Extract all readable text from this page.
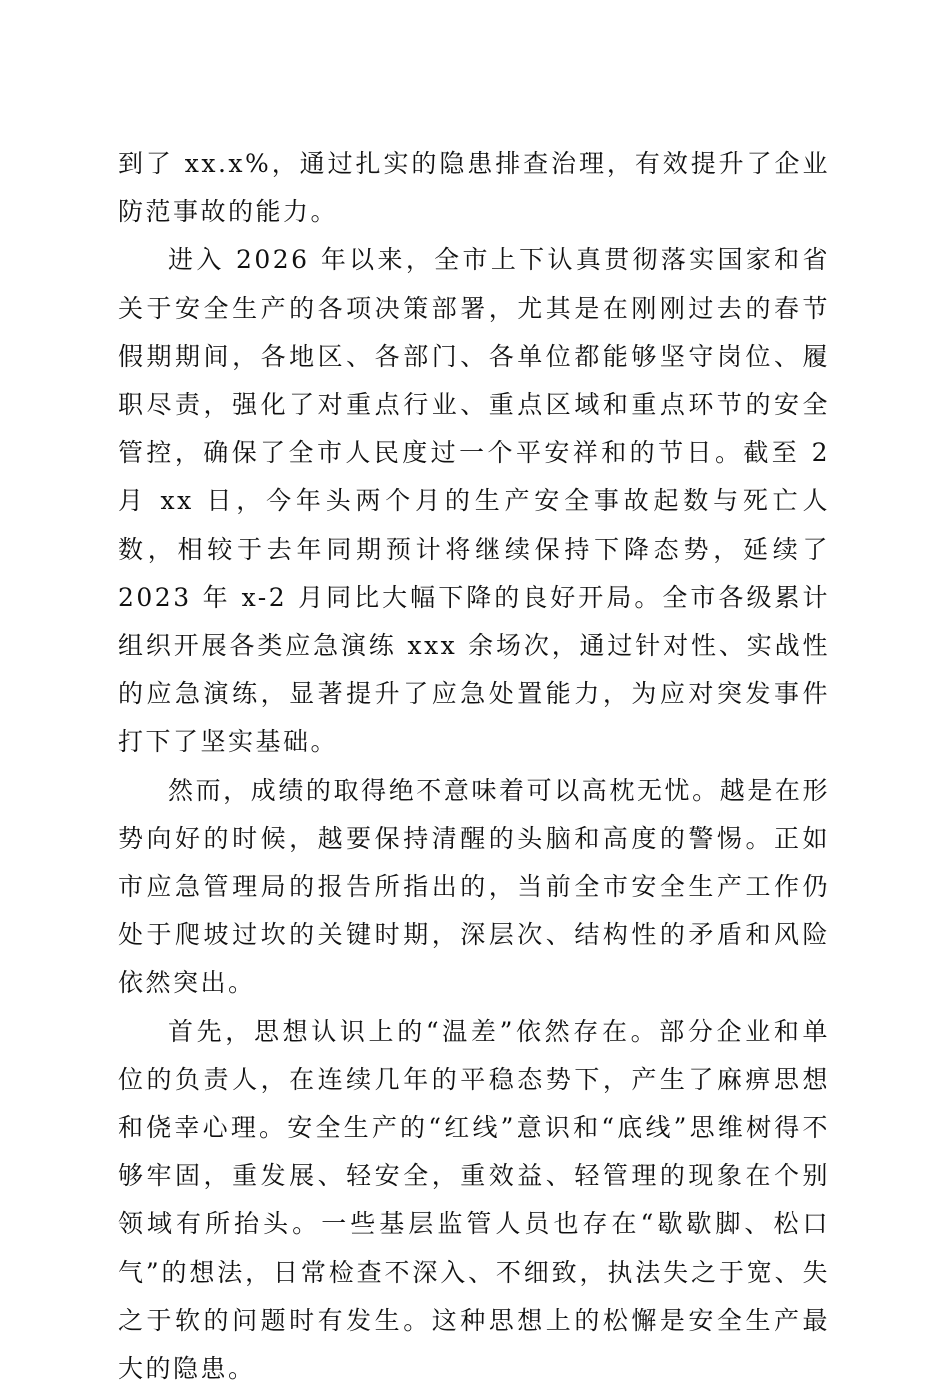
到了 xx.x%，通过扎实的隐患排查治理，有效提升了企业防范事故的能力。

进入 2026 年以来，全市上下认真贯彻落实国家和省关于安全生产的各项决策部署，尤其是在刚刚过去的春节假期期间，各地区、各部门、各单位都能够坚守岗位、履职尽责，强化了对重点行业、重点区域和重点环节的安全管控，确保了全市人民度过一个平安祥和的节日。截至 2 月 xx 日，今年头两个月的生产安全事故起数与死亡人数，相较于去年同期预计将继续保持下降态势，延续了 2023 年 x-2 月同比大幅下降的良好开局。全市各级累计组织开展各类应急演练 xxx 余场次，通过针对性、实战性的应急演练，显著提升了应急处置能力，为应对突发事件打下了坚实基础。

然而，成绩的取得绝不意味着可以高枕无忧。越是在形势向好的时候，越要保持清醒的头脑和高度的警惕。正如市应急管理局的报告所指出的，当前全市安全生产工作仍处于爬坡过坎的关键时期，深层次、结构性的矛盾和风险依然突出。

首先，思想认识上的“温差”依然存在。部分企业和单位的负责人，在连续几年的平稳态势下，产生了麻痹思想和侥幸心理。安全生产的“红线”意识和“底线”思维树得不够牢固，重发展、轻安全，重效益、轻管理的现象在个别领域有所抬头。一些基层监管人员也存在“歇歇脚、松口气”的想法，日常检查不深入、不细致，执法失之于宽、失之于软的问题时有发生。这种思想上的松懈是安全生产最大的隐患。
